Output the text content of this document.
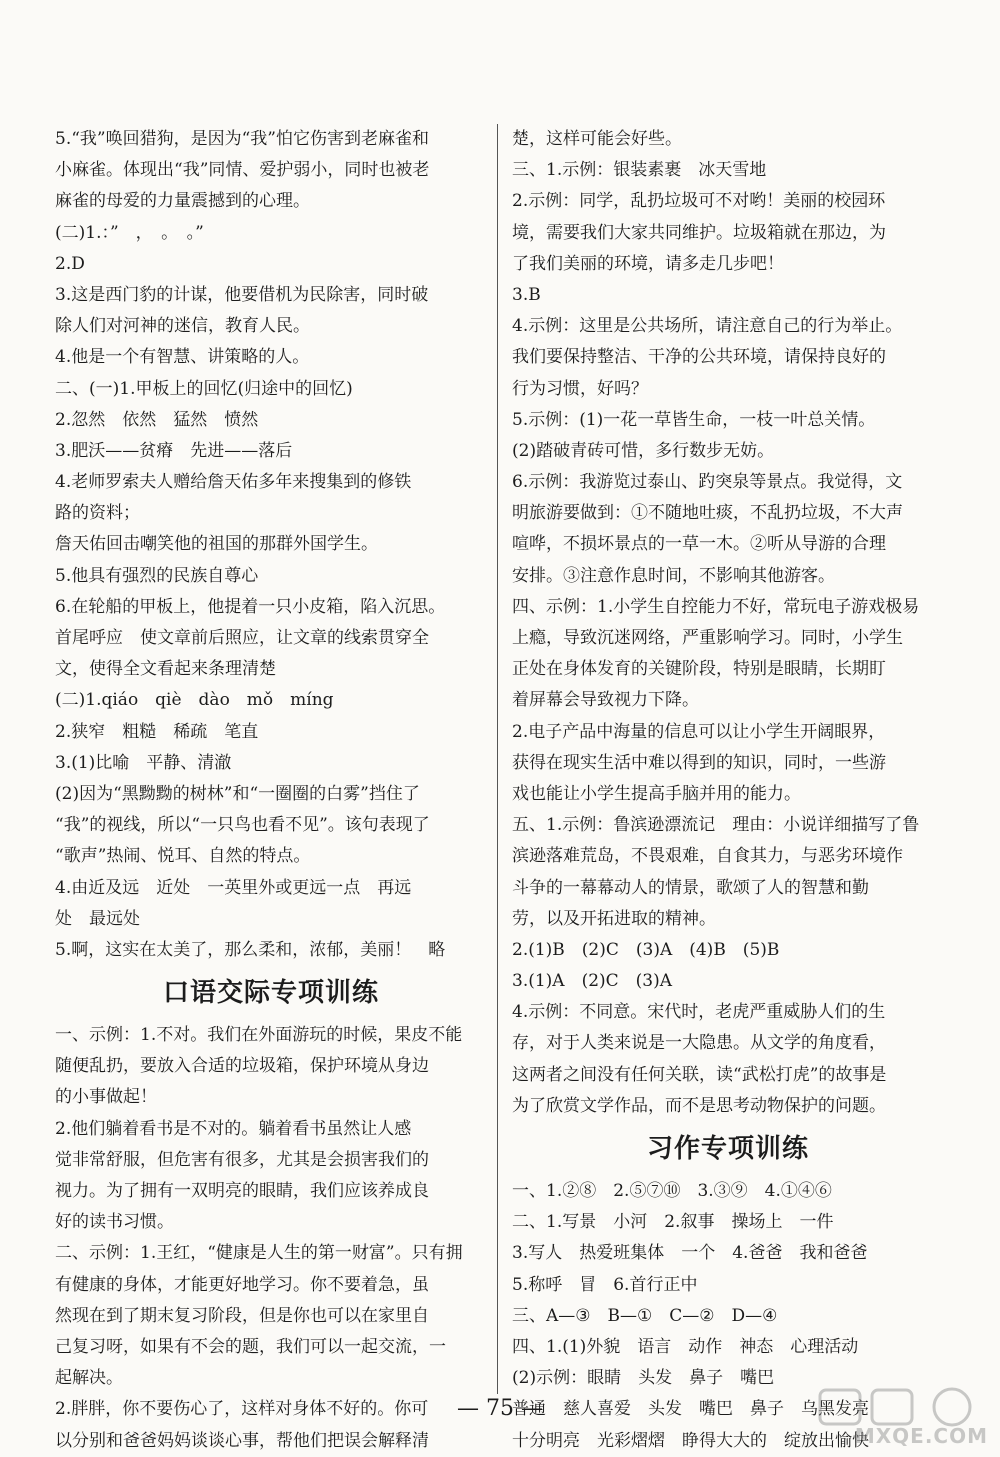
5.“我”唤回猎狗，是因为“我”怕它伤害到老麻雀和
小麻雀。体现出“我”同情、爱护弱小，同时也被老
麻雀的母爱的力量震撼到的心理。
(二)1.：”　，　。　。”
2.D
3.这是西门豹的计谋，他要借机为民除害，同时破
除人们对河神的迷信，教育人民。
4.他是一个有智慧、讲策略的人。
二、(一)1.甲板上的回忆(归途中的回忆)
2.忽然　依然　猛然　愤然
3.肥沃——贫瘠　先进——落后
4.老师罗索夫人赠给詹天佑多年来搜集到的修铁
路的资料；
詹天佑回击嘲笑他的祖国的那群外国学生。
5.他具有强烈的民族自尊心
6.在轮船的甲板上，他提着一只小皮箱，陷入沉思。
首尾呼应　使文章前后照应，让文章的线索贯穿全
文，使得全文看起来条理清楚
(二)1.qiáo　qiè　dào　mǒ　míng
2.狭窄　粗糙　稀疏　笔直
3.(1)比喻　平静、清澈
(2)因为“黑黝黝的树林”和“一圈圈的白雾”挡住了
“我”的视线，所以“一只鸟也看不见”。该句表现了
“歌声”热闹、悦耳、自然的特点。
4.由近及远　近处　一英里外或更远一点　再远
处　最远处
5.啊，这实在太美了，那么柔和，浓郁，美丽！　略
口语交际专项训练
一、示例：1.不对。我们在外面游玩的时候，果皮不能
随便乱扔，要放入合适的垃圾箱，保护环境从身边
的小事做起！
2.他们躺着看书是不对的。躺着看书虽然让人感
觉非常舒服，但危害有很多，尤其是会损害我们的
视力。为了拥有一双明亮的眼睛，我们应该养成良
好的读书习惯。
二、示例：1.王红，“健康是人生的第一财富”。只有拥
有健康的身体，才能更好地学习。你不要着急，虽
然现在到了期末复习阶段，但是你也可以在家里自
己复习呀，如果有不会的题，我们可以一起交流，一
起解决。
2.胖胖，你不要伤心了，这样对身体不好的。你可
以分别和爸爸妈妈谈谈心事，帮他们把误会解释清
楚，这样可能会好些。
三、1.示例：银装素裹　冰天雪地
2.示例：同学，乱扔垃圾可不对哟！美丽的校园环
境，需要我们大家共同维护。垃圾箱就在那边，为
了我们美丽的环境，请多走几步吧！
3.B
4.示例：这里是公共场所，请注意自己的行为举止。
我们要保持整洁、干净的公共环境，请保持良好的
行为习惯，好吗？
5.示例：(1)一花一草皆生命，一枝一叶总关情。
(2)踏破青砖可惜，多行数步无妨。
6.示例：我游览过泰山、趵突泉等景点。我觉得，文
明旅游要做到：①不随地吐痰，不乱扔垃圾，不大声
喧哗，不损坏景点的一草一木。②听从导游的合理
安排。③注意作息时间，不影响其他游客。
四、示例：1.小学生自控能力不好，常玩电子游戏极易
上瘾，导致沉迷网络，严重影响学习。同时，小学生
正处在身体发育的关键阶段，特别是眼睛，长期盯
着屏幕会导致视力下降。
2.电子产品中海量的信息可以让小学生开阔眼界，
获得在现实生活中难以得到的知识，同时，一些游
戏也能让小学生提高手脑并用的能力。
五、1.示例：鲁滨逊漂流记　理由：小说详细描写了鲁
滨逊落难荒岛，不畏艰难，自食其力，与恶劣环境作
斗争的一幕幕动人的情景，歌颂了人的智慧和勤
劳，以及开拓进取的精神。
2.(1)B　(2)C　(3)A　(4)B　(5)B
3.(1)A　(2)C　(3)A
4.示例：不同意。宋代时，老虎严重威胁人们的生
存，对于人类来说是一大隐患。从文学的角度看，
这两者之间没有任何关联，读“武松打虎”的故事是
为了欣赏文学作品，而不是思考动物保护的问题。
习作专项训练
一、1.②⑧　2.⑤⑦⑩　3.③⑨　4.①④⑥
二、1.写景　小河　2.叙事　操场上　一件
3.写人　热爱班集体　一个　4.爸爸　我和爸爸
5.称呼　冒　6.首行正中
三、A—③　B—①　C—②　D—④
四、1.(1)外貌　语言　动作　神态　心理活动
(2)示例：眼睛　头发　鼻子　嘴巴
普通　慈人喜爱　头发　嘴巴　鼻子　乌黑发亮
十分明亮　光彩熠熠　睁得大大的　绽放出愉快
— 75 —
MXQE.COM
